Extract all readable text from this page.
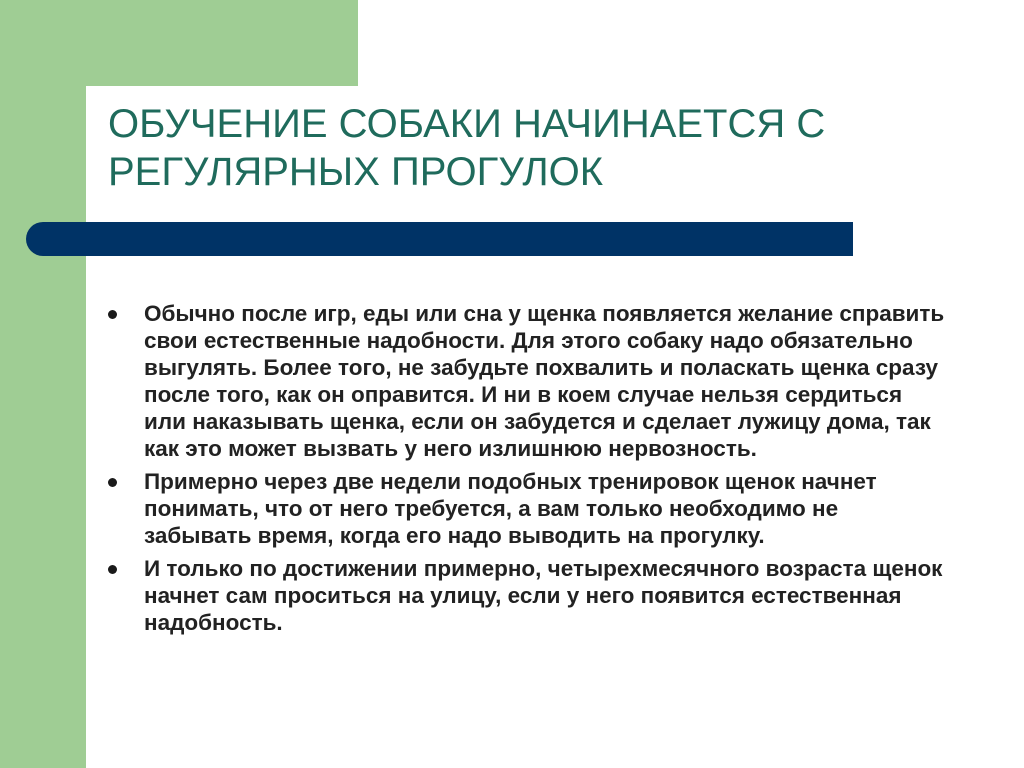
ОБУЧЕНИЕ СОБАКИ НАЧИНАЕТСЯ С РЕГУЛЯРНЫХ ПРОГУЛОК
Обычно после игр, еды или сна у щенка появляется желание справить свои естественные надобности. Для этого собаку надо обязательно выгулять. Более того, не забудьте похвалить и поласкать щенка сразу после того, как он оправится. И ни в коем случае нельзя сердиться или наказывать щенка, если он забудется и сделает лужицу дома, так как это может вызвать у него излишнюю нервозность.
Примерно через две недели подобных тренировок щенок начнет понимать, что от него требуется, а вам только необходимо не забывать время, когда его надо выводить на прогулку.
И только по достижении примерно, четырехмесячного возраста щенок начнет сам проситься на улицу, если у него появится естественная надобность.
